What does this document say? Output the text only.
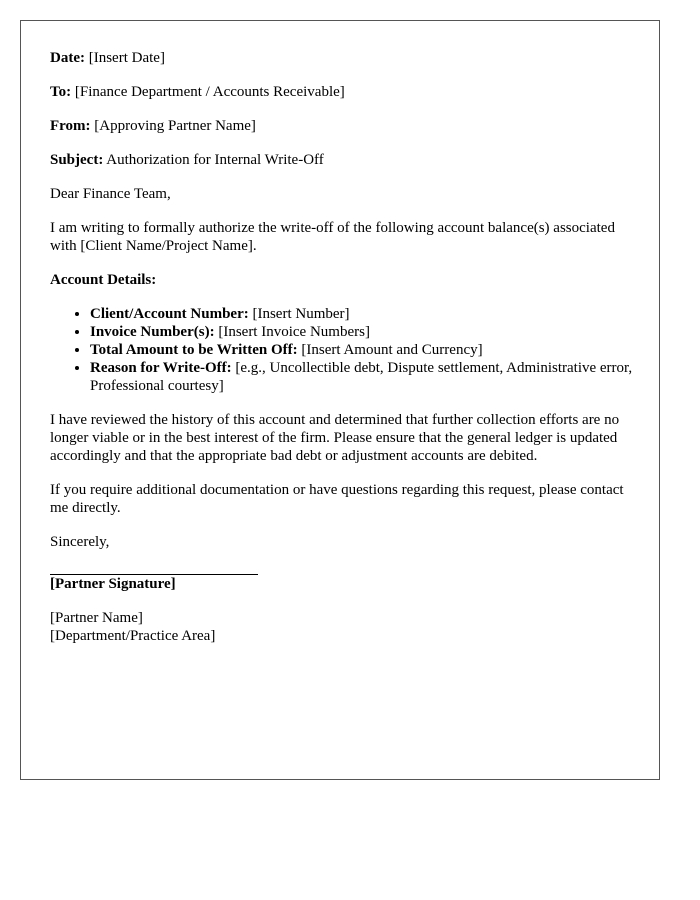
Date: [Insert Date]

To: [Finance Department / Accounts Receivable]

From: [Approving Partner Name]

Subject: Authorization for Internal Write-Off

Dear Finance Team,

I am writing to formally authorize the write-off of the following account balance(s) associated with [Client Name/Project Name].

Account Details:

• Client/Account Number: [Insert Number]
• Invoice Number(s): [Insert Invoice Numbers]
• Total Amount to be Written Off: [Insert Amount and Currency]
• Reason for Write-Off: [e.g., Uncollectible debt, Dispute settlement, Administrative error, Professional courtesy]

I have reviewed the history of this account and determined that further collection efforts are no longer viable or in the best interest of the firm. Please ensure that the general ledger is updated accordingly and that the appropriate bad debt or adjustment accounts are debited.

If you require additional documentation or have questions regarding this request, please contact me directly.

Sincerely,

[Partner Signature]

[Partner Name]

[Department/Practice Area]
